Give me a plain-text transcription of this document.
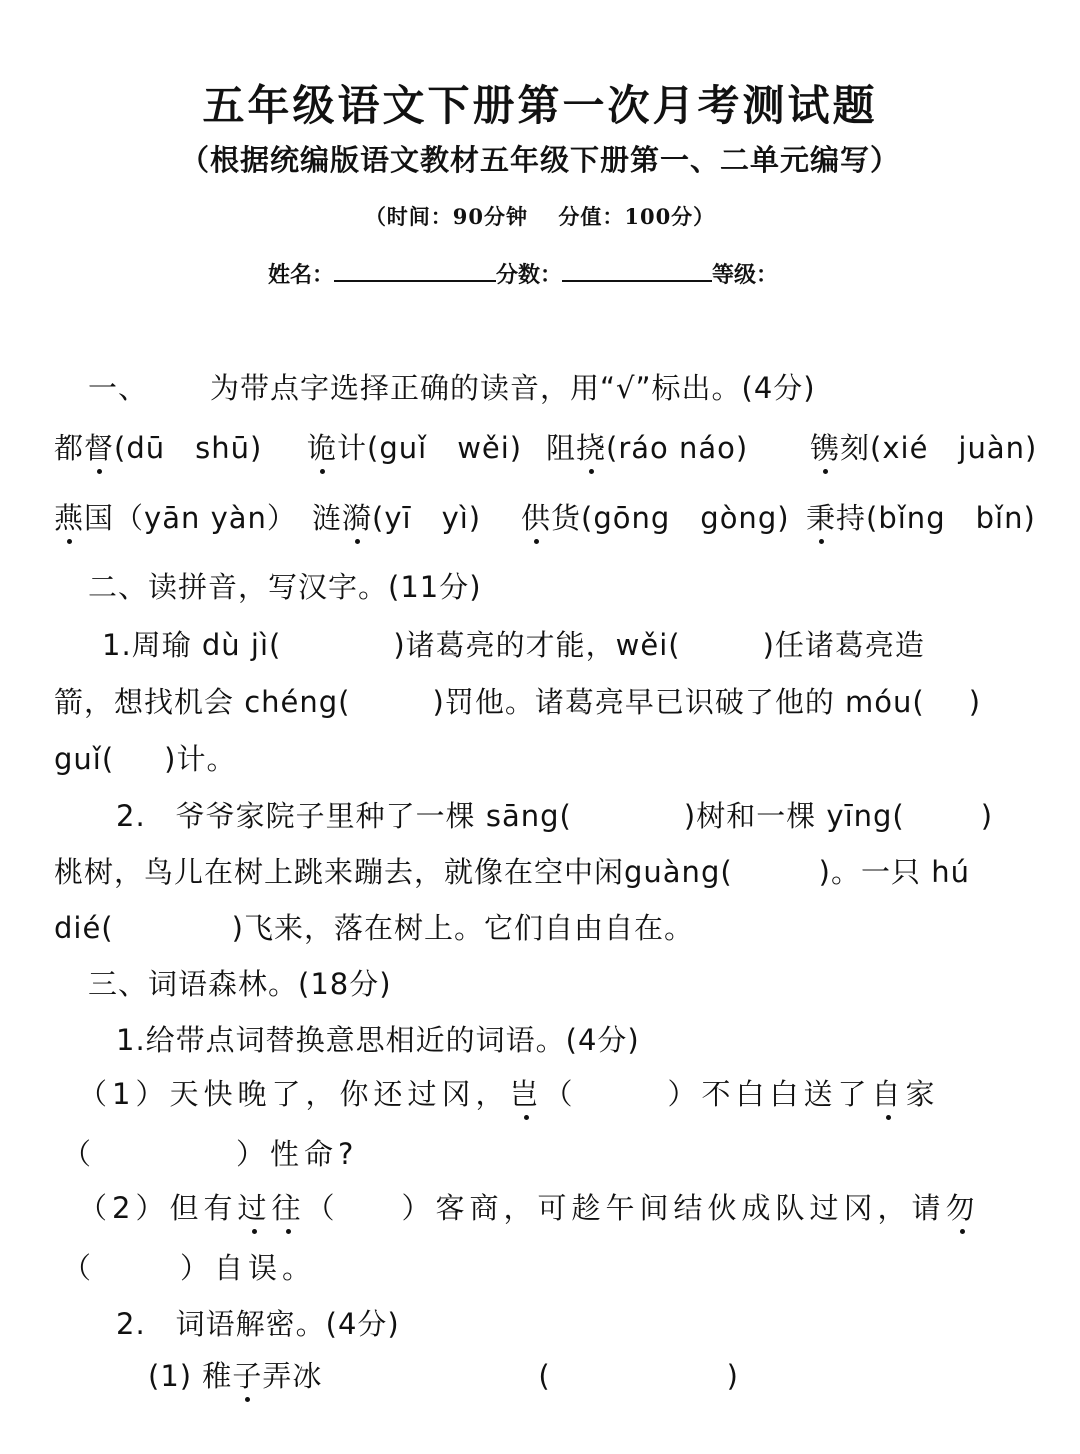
五年级语文下册第一次月考测试题
（根据统编版语文教材五年级下册第一、二单元编写）
（时间：90分钟　 分值：100分）
姓名：	分数：	等级：
一、 为带点字选择正确的读音，用“√”标出。(4分)
都督(dū　shū) 诡计(guǐ　wěi) 阻挠(ráo náo) 镌刻(xié　juàn)
燕国（yān yàn） 涟漪(yī　yì) 供货(gōng　gòng) 秉持(bǐng　bǐn)
二、读拼音，写汉字。(11分)
1.周瑜 dù jì(	)诸葛亮的才能，wěi(	)任诸葛亮造
箭，想找机会 chéng(	)罚他。诸葛亮早已识破了他的 móu( )
guǐ( )计。
2.　爷爷家院子里种了一棵 sāng(	)树和一棵 yīng(	)
桃树，鸟儿在树上跳来蹦去，就像在空中闲guàng(	)。一只 hú
dié(	)飞来，落在树上。它们自由自在。
三、词语森林。(18分)
1.给带点词替换意思相近的词语。(4分)
（1）天快晚了，你还过冈，岂（	）不白白送了自家
（	）性命?
（2）但有过往（ ）客商，可趁午间结伙成队过冈，请勿
（	）自误。
2.　词语解密。(4分)
(1) 稚子弄冰	(	)
